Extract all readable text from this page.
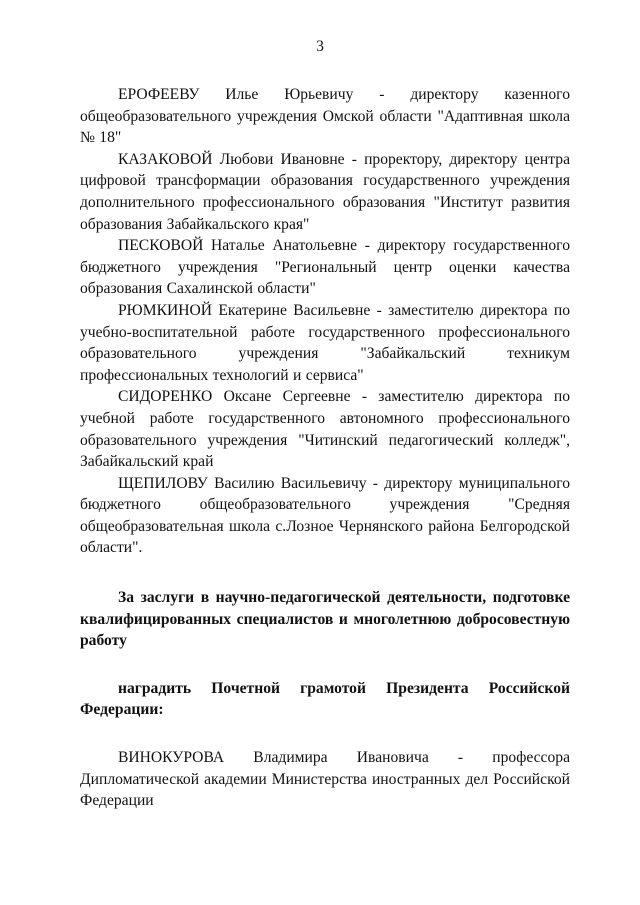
3

ЕРОФЕЕВУ Илье Юрьевичу - директору казенного общеобразовательного учреждения Омской области "Адаптивная школа № 18"

КАЗАКОВОЙ Любови Ивановне - проректору, директору центра цифровой трансформации образования государственного учреждения дополнительного профессионального образования "Институт развития образования Забайкальского края"

ПЕСКОВОЙ Наталье Анатольевне - директору государственного бюджетного учреждения "Региональный центр оценки качества образования Сахалинской области"

РЮМКИНОЙ Екатерине Васильевне - заместителю директора по учебно-воспитательной работе государственного профессионального образовательного учреждения "Забайкальский техникум профессиональных технологий и сервиса"

СИДОРЕНКО Оксане Сергеевне - заместителю директора по учебной работе государственного автономного профессионального образовательного учреждения "Читинский педагогический колледж", Забайкальский край

ЩЕПИЛОВУ Василию Васильевичу - директору муниципального бюджетного общеобразовательного учреждения "Средняя общеобразовательная школа с.Лозное Чернянского района Белгородской области".

За заслуги в научно-педагогической деятельности, подготовке квалифицированных специалистов и многолетнюю добросовестную работу

наградить Почетной грамотой Президента Российской Федерации:

ВИНОКУРОВА Владимира Ивановича - профессора Дипломатической академии Министерства иностранных дел Российской Федерации
